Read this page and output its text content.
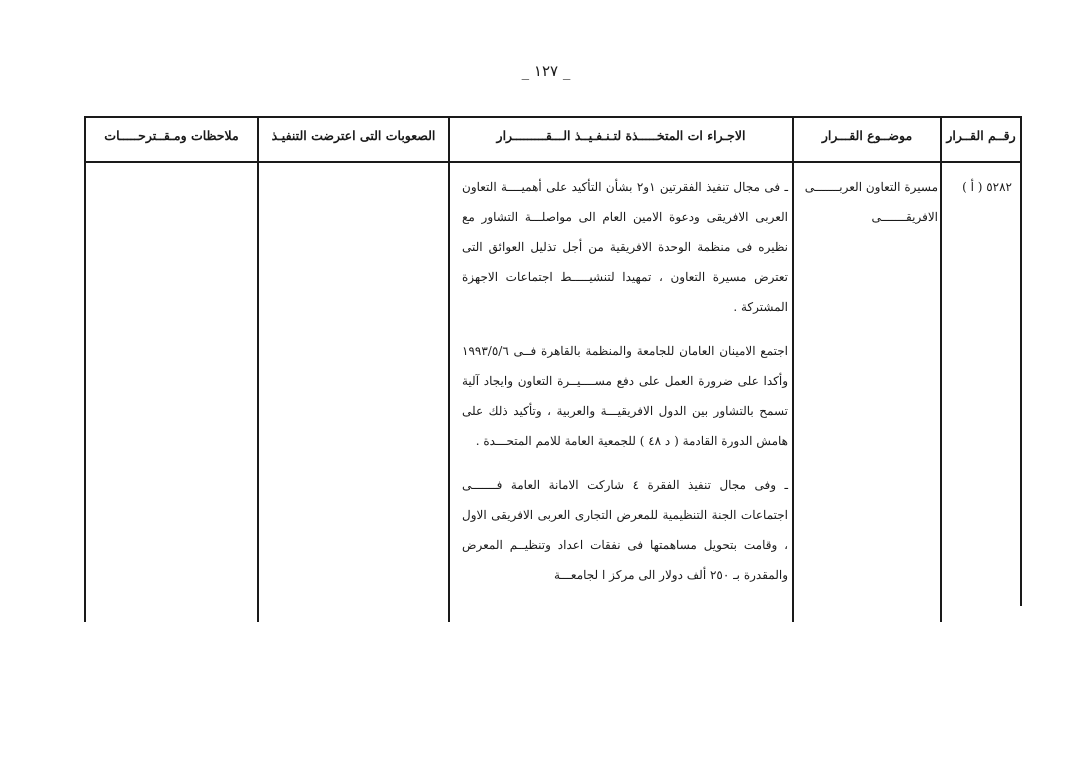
_ ١٢٧ _
رقــم القــرار
موضــوع القـــرار
الاجـراء ات المتخـــــذة لتـنـفـيــذ الـــقـــــــــرار
الصعوبات التى اعترضت التنفيـذ
ملاحظات ومـقــترحـــــات
٥٢٨٢ ( أ )
مسيرة التعاون العربـــــــى الافريقـــــــى

ـ فى مجال تنفيذ الفقرتين ١و٢ بشأن التأكيد على أهميــــة التعاون العربى الافريقى ودعوة الامين العام الى مواصلـــة التشاور مع نظيره فى منظمة الوحدة الافريقية من أجل تذليل العوائق التى تعترض مسيرة التعاون ، تمهيدا لتنشيـــــط اجتماعات الاجهزة المشتركة .

اجتمع الامينان العامان للجامعة والمنظمة بالقاهرة فــى ١٩٩٣/٥/٦ وأكدا على ضرورة العمل على دفع مســــيــرة التعاون وايجاد آلية تسمح بالتشاور بين الدول الافريقيـــة والعربية ، وتأكيد ذلك على هامش الدورة القادمة ( د ٤٨ ) للجمعية العامة للامم المتحـــدة .

ـ وفى مجال تنفيذ الفقرة ٤ شاركت الامانة العامة فـــــــى اجتماعات الجنة التنظيمية للمعرض التجارى العربى الافريقى الاول ، وقامت بتحويل مساهمتها فى نفقات اعداد وتنظيــم المعرض والمقدرة بـ ٢٥٠ ألف دولار الى مركز ا لجامعـــة
